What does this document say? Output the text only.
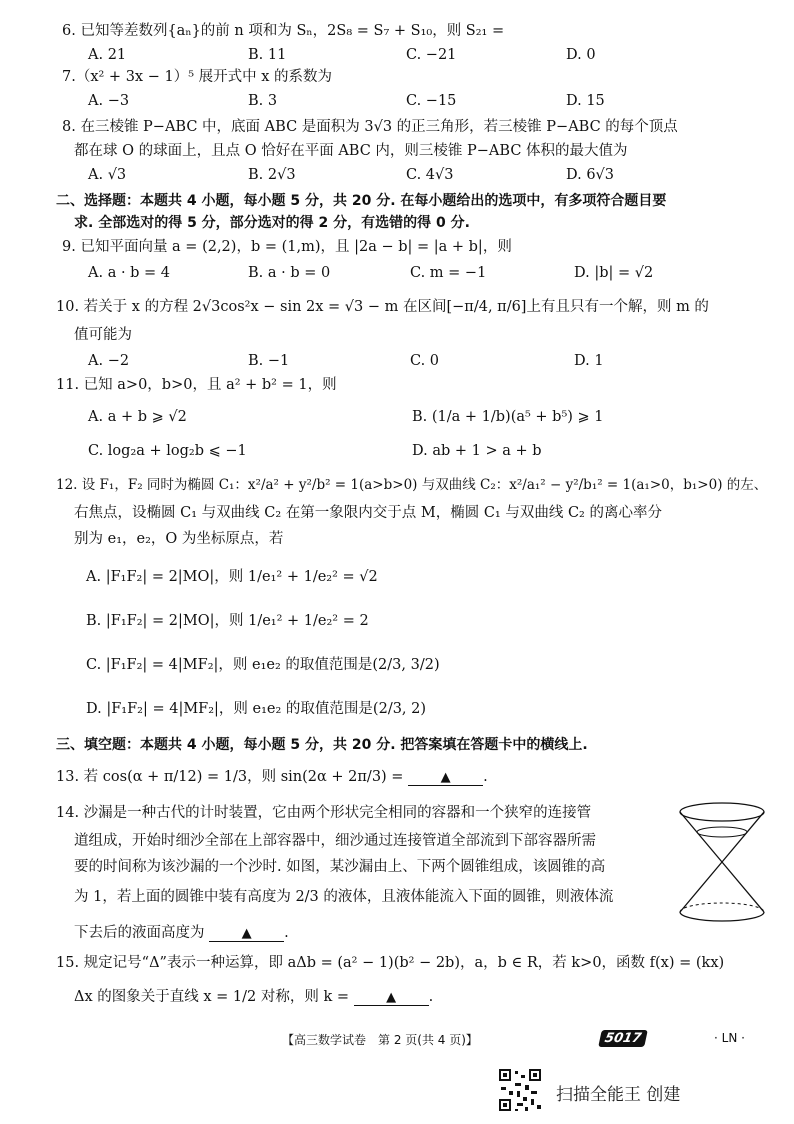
6. 已知等差数列{aₙ}的前 n 项和为 Sₙ，2S₈ = S₇ + S₁₀，则 S₂₁ =
A. 21	B. 11	C. −21	D. 0
7.（x² + 3x − 1）⁵ 展开式中 x 的系数为
A. −3	B. 3	C. −15	D. 15
8. 在三棱锥 P−ABC 中，底面 ABC 是面积为 3√3 的正三角形，若三棱锥 P−ABC 的每个顶点
都在球 O 的球面上，且点 O 恰好在平面 ABC 内，则三棱锥 P−ABC 体积的最大值为
A. √3	B. 2√3	C. 4√3	D. 6√3
二、选择题：本题共 4 小题，每小题 5 分，共 20 分. 在每小题给出的选项中，有多项符合题目要
求. 全部选对的得 5 分，部分选对的得 2 分，有选错的得 0 分.
9. 已知平面向量 a = (2,2)，b = (1,m)，且 |2a − b| = |a + b|，则
A. a · b = 4	B. a · b = 0	C. m = −1	D. |b| = √2
10. 若关于 x 的方程 2√3cos²x − sin 2x = √3 − m 在区间[−π/4, π/6]上有且只有一个解，则 m 的
值可能为
A. −2	B. −1	C. 0	D. 1
11. 已知 a>0，b>0，且 a² + b² = 1，则
A. a + b ⩾ √2	B. (1/a + 1/b)(a⁵ + b⁵) ⩾ 1
C. log₂a + log₂b ⩽ −1	D. ab + 1 > a + b
12. 设 F₁，F₂ 同时为椭圆 C₁：x²/a² + y²/b² = 1(a>b>0) 与双曲线 C₂：x²/a₁² − y²/b₁² = 1(a₁>0，b₁>0) 的左、
右焦点，设椭圆 C₁ 与双曲线 C₂ 在第一象限内交于点 M，椭圆 C₁ 与双曲线 C₂ 的离心率分
别为 e₁，e₂，O 为坐标原点，若
A. |F₁F₂| = 2|MO|，则 1/e₁² + 1/e₂² = √2
B. |F₁F₂| = 2|MO|，则 1/e₁² + 1/e₂² = 2
C. |F₁F₂| = 4|MF₂|，则 e₁e₂ 的取值范围是(2/3, 3/2)
D. |F₁F₂| = 4|MF₂|，则 e₁e₂ 的取值范围是(2/3, 2)
三、填空题：本题共 4 小题，每小题 5 分，共 20 分. 把答案填在答题卡中的横线上.
13. 若 cos(α + π/12) = 1/3，则 sin(2α + 2π/3) =	▲ .
14. 沙漏是一种古代的计时装置，它由两个形状完全相同的容器和一个狭窄的连接管
道组成，开始时细沙全部在上部容器中，细沙通过连接管道全部流到下部容器所需
要的时间称为该沙漏的一个沙时. 如图，某沙漏由上、下两个圆锥组成，该圆锥的高
为 1，若上面的圆锥中装有高度为 2/3 的液体，且液体能流入下面的圆锥，则液体流
下去后的液面高度为	▲ .
15. 规定记号“Δ”表示一种运算，即 aΔb = (a² − 1)(b² − 2b)，a，b ∈ R，若 k>0，函数 f(x) = (kx)
Δx 的图象关于直线 x = 1/2 对称，则 k =	▲ .
【高三数学试卷　第 2 页(共 4 页)】	5017	· LN ·
扫描全能王 创建
